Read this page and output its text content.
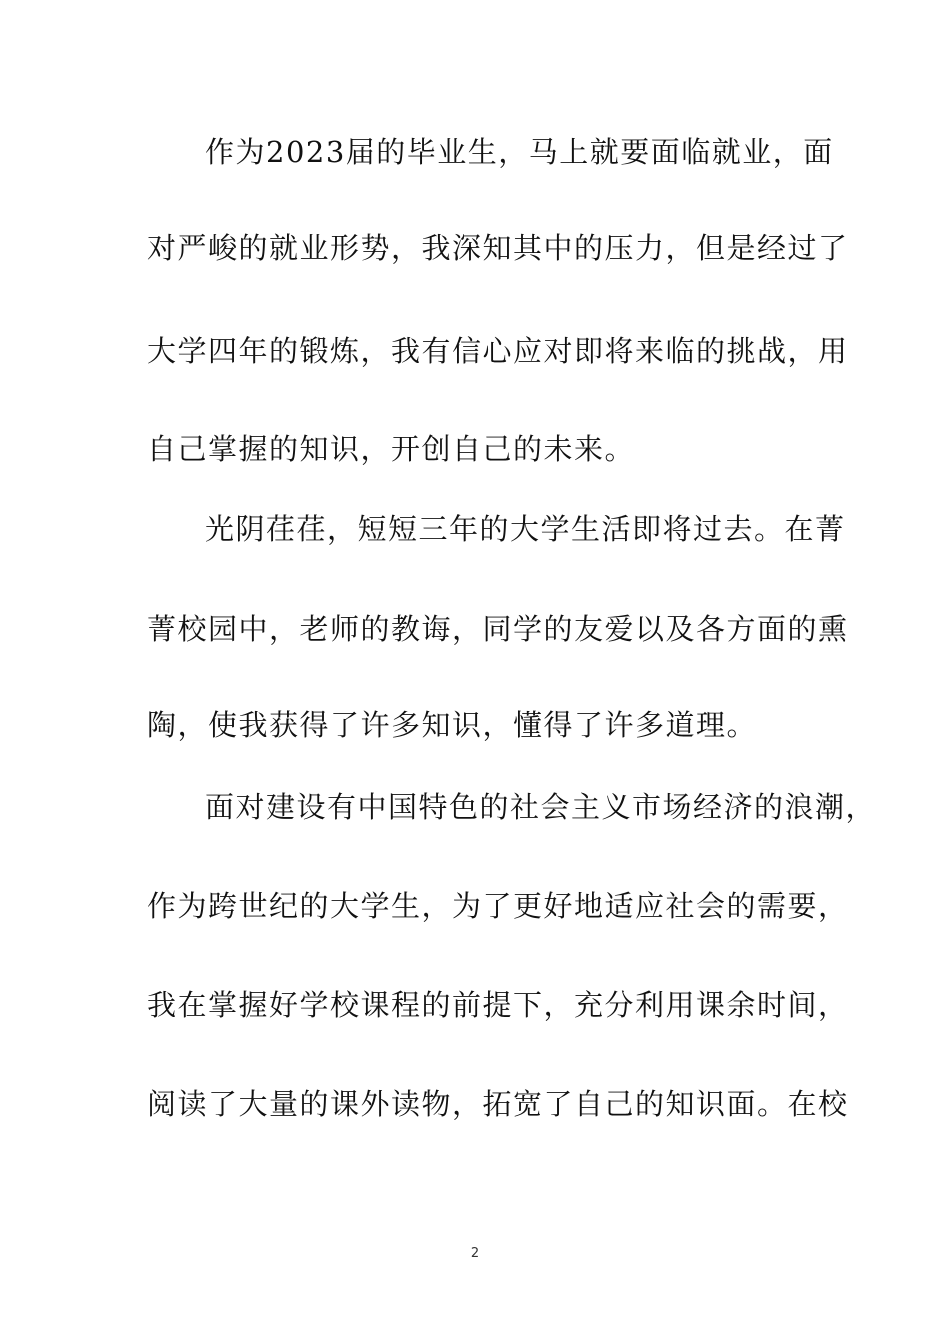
作为2023届的毕业生，马上就要面临就业，面
对严峻的就业形势，我深知其中的压力，但是经过了
大学四年的锻炼，我有信心应对即将来临的挑战，用
自己掌握的知识，开创自己的未来。
光阴荏荏，短短三年的大学生活即将过去。在菁
菁校园中，老师的教诲，同学的友爱以及各方面的熏
陶，使我获得了许多知识，懂得了许多道理。
面对建设有中国特色的社会主义市场经济的浪潮，
作为跨世纪的大学生，为了更好地适应社会的需要，
我在掌握好学校课程的前提下，充分利用课余时间，
阅读了大量的课外读物，拓宽了自己的知识面。在校
2
